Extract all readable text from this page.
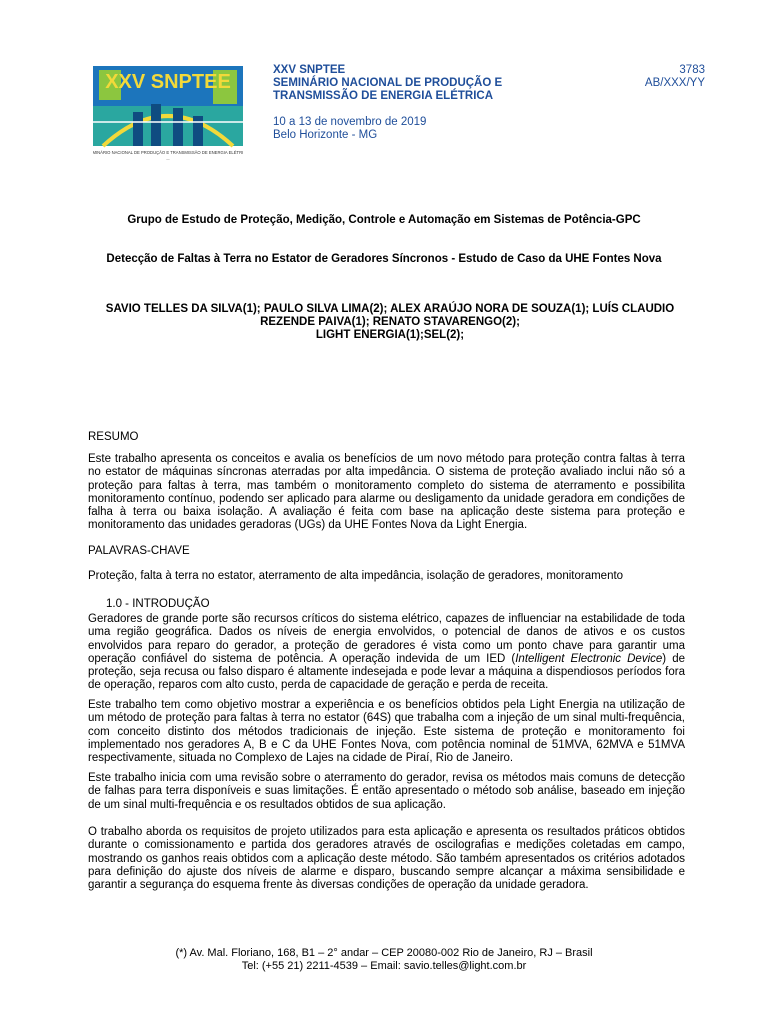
XXV SNPTEE
SEMINÁRIO NACIONAL DE PRODUÇÃO E TRANSMISSÃO DE ENERGIA ELÉTRICA
—
XXV SNPTEE
SEMINÁRIO NACIONAL DE PRODUÇÃO E
TRANSMISSÃO DE ENERGIA ELÉTRICA
10 a 13 de novembro de 2019
Belo Horizonte - MG
3783
AB/XXX/YY
Grupo de Estudo de Proteção, Medição, Controle e Automação em Sistemas de Potência-GPC
Detecção de Faltas à Terra no Estator de Geradores Síncronos - Estudo de Caso da UHE Fontes Nova
SAVIO TELLES DA SILVA(1); PAULO SILVA LIMA(2); ALEX ARAÚJO NORA DE SOUZA(1); LUÍS CLAUDIO
REZENDE PAIVA(1); RENATO STAVARENGO(2);
LIGHT ENERGIA(1);SEL(2);
RESUMO
Este trabalho apresenta os conceitos e avalia os benefícios de um novo método para proteção contra faltas à terra no estator de máquinas síncronas aterradas por alta impedância. O sistema de proteção avaliado inclui não só a proteção para faltas à terra, mas também o monitoramento completo do sistema de aterramento e possibilita monitoramento contínuo, podendo ser aplicado para alarme ou desligamento da unidade geradora em condições de falha à terra ou baixa isolação. A avaliação é feita com base na aplicação deste sistema para proteção e monitoramento das unidades geradoras (UGs) da UHE Fontes Nova da Light Energia.
PALAVRAS-CHAVE
Proteção, falta à terra no estator, aterramento de alta impedância, isolação de geradores, monitoramento
1.0 - INTRODUÇÃO
Geradores de grande porte são recursos críticos do sistema elétrico, capazes de influenciar na estabilidade de toda uma região geográfica. Dados os níveis de energia envolvidos, o potencial de danos de ativos e os custos envolvidos para reparo do gerador, a proteção de geradores é vista como um ponto chave para garantir uma operação confiável do sistema de potência. A operação indevida de um IED (Intelligent Electronic Device) de proteção, seja recusa ou falso disparo é altamente indesejada e pode levar a máquina a dispendiosos períodos fora de operação, reparos com alto custo, perda de capacidade de geração e perda de receita.
Este trabalho tem como objetivo mostrar a experiência e os benefícios obtidos pela Light Energia na utilização de um método de proteção para faltas à terra no estator (64S) que trabalha com a injeção de um sinal multi-frequência, com conceito distinto dos métodos tradicionais de injeção. Este sistema de proteção e monitoramento foi implementado nos geradores A, B e C da UHE Fontes Nova, com potência nominal de 51MVA, 62MVA e 51MVA respectivamente, situada no Complexo de Lajes na cidade de Piraí, Rio de Janeiro.
Este trabalho inicia com uma revisão sobre o aterramento do gerador, revisa os métodos mais comuns de detecção de falhas para terra disponíveis e suas limitações. É então apresentado o método sob análise, baseado em injeção de um sinal multi-frequência e os resultados obtidos de sua aplicação.
O trabalho aborda os requisitos de projeto utilizados para esta aplicação e apresenta os resultados práticos obtidos durante o comissionamento e partida dos geradores através de oscilografias e medições coletadas em campo, mostrando os ganhos reais obtidos com a aplicação deste método. São também apresentados os critérios adotados para definição do ajuste dos níveis de alarme e disparo, buscando sempre alcançar a máxima sensibilidade e garantir a segurança do esquema frente às diversas condições de operação da unidade geradora.
(*) Av. Mal. Floriano, 168, B1 – 2° andar – CEP 20080-002 Rio de Janeiro, RJ – Brasil
Tel: (+55 21) 2211-4539 – Email: savio.telles@light.com.br
